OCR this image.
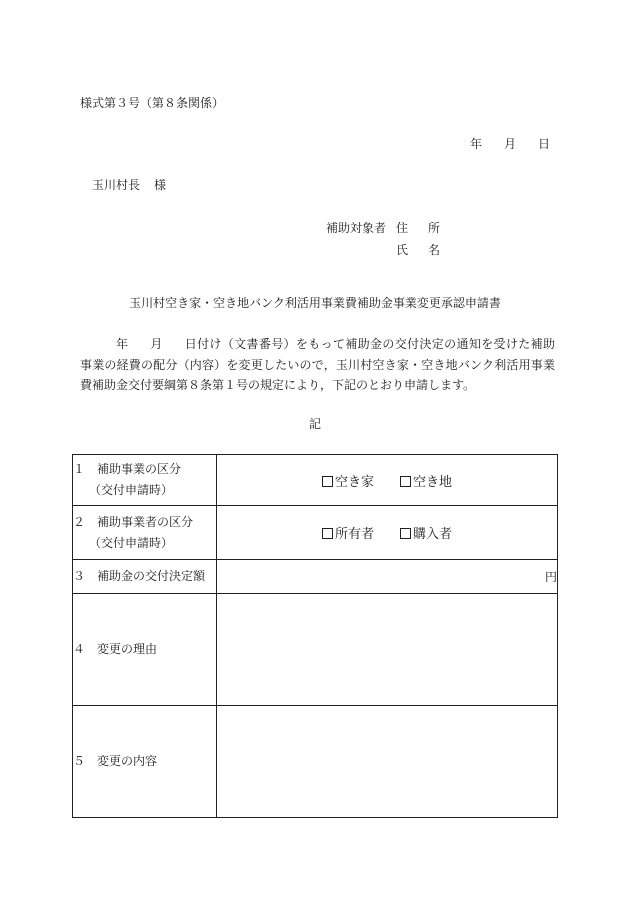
様式第３号（第８条関係）
年 月 日
玉川村長 様
補助対象者 住 所
氏 名
玉川村空き家・空き地バンク利活用事業費補助金事業変更承認申請書
年 月 日付け（文書番号）をもって補助金の交付決定の通知を受けた補助事業の経費の配分（内容）を変更したいので，玉川村空き家・空き地バンク利活用事業費補助金交付要綱第８条第１号の規定により，下記のとおり申請します。
記
１　補助事業の区分
（交付申請時）	空き家 空き地

２　補助事業者の区分
（交付申請時）	所有者 購入者
３　補助金の交付決定額	円
４　変更の理由	
５　変更の内容	
